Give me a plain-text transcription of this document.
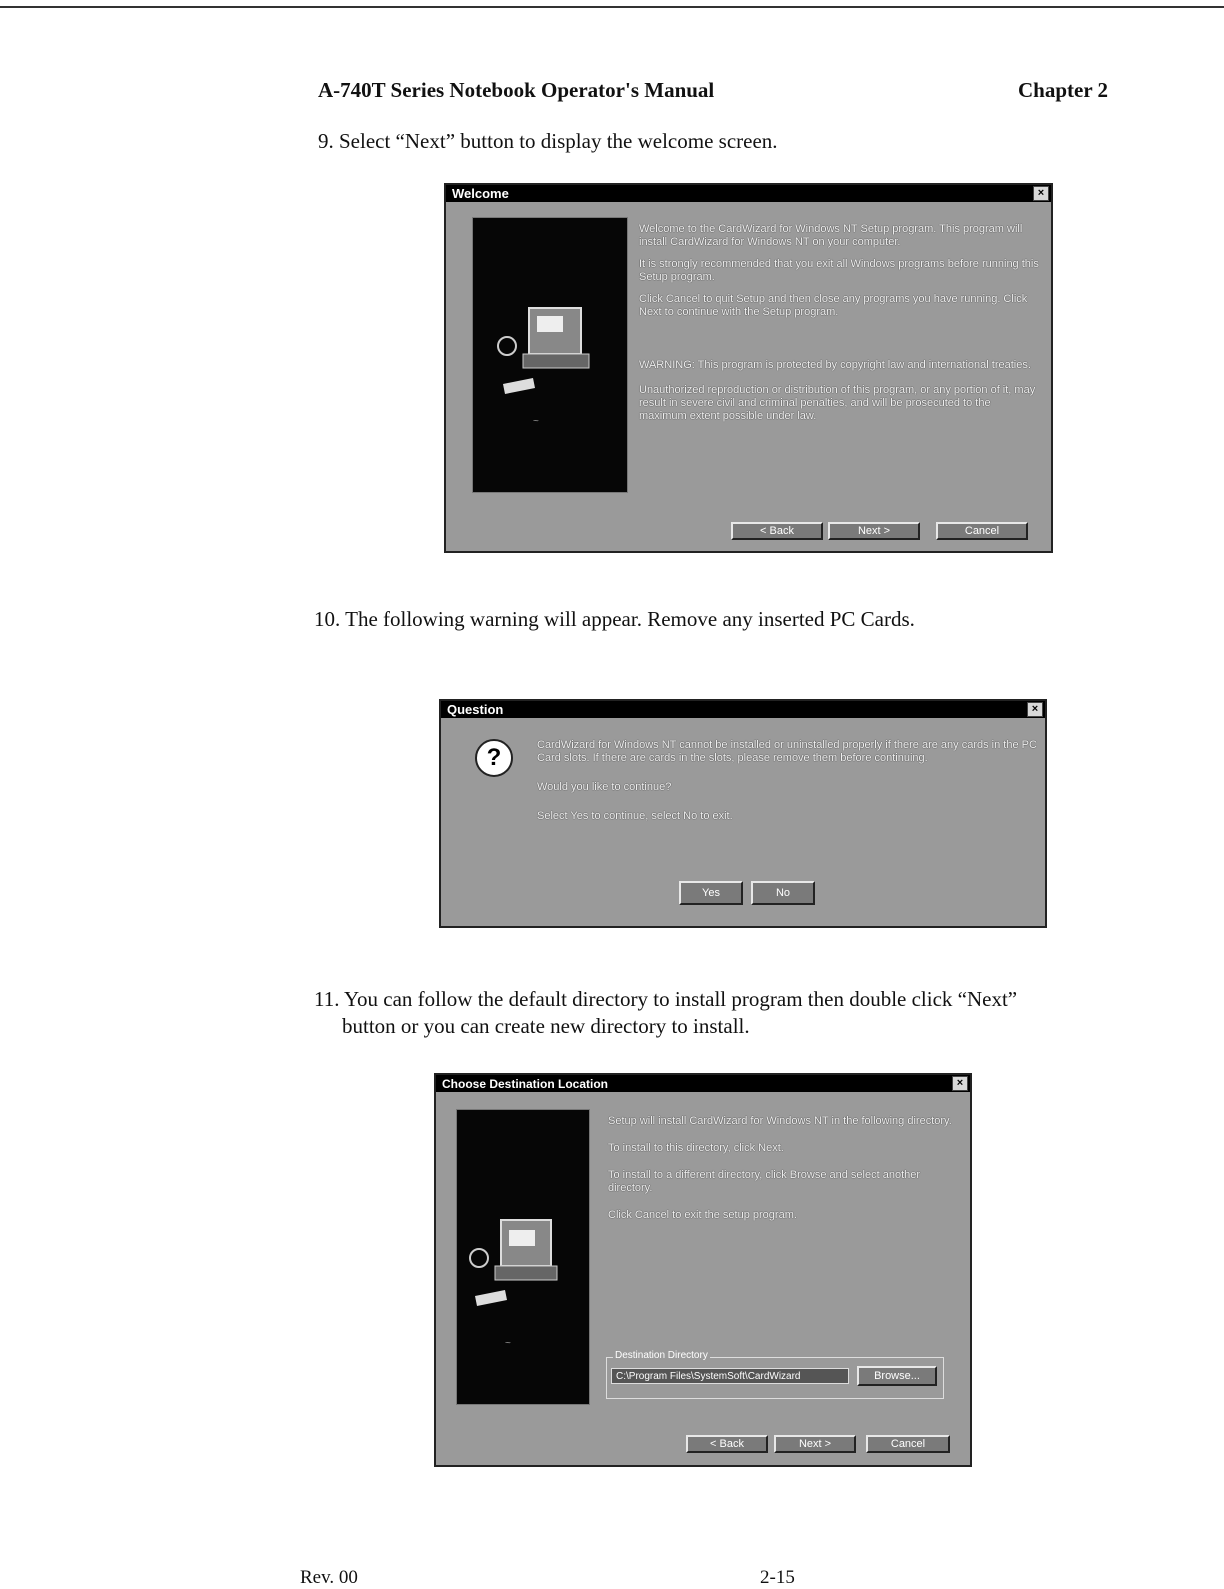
A-740T Series Notebook Operator's Manual	Chapter 2
9. Select “Next” button to display the welcome screen.
Welcome	×
~

Welcome to the CardWizard for Windows NT Setup program. This program will install CardWizard for Windows NT on your computer.

It is strongly recommended that you exit all Windows programs before running this Setup program.

Click Cancel to quit Setup and then close any programs you have running. Click Next to continue with the Setup program.

WARNING: This program is protected by copyright law and international treaties.

Unauthorized reproduction or distribution of this program, or any portion of it, may result in severe civil and criminal penalties, and will be prosecuted to the maximum extent possible under law.

< Back	Next >	Cancel
10. The following warning will appear. Remove any inserted PC Cards.
Question	×
?	CardWizard for Windows NT cannot be installed or uninstalled properly if there are any cards in the PC Card slots. If there are cards in the slots, please remove them before continuing.

Would you like to continue?

Select Yes to continue, select No to exit.

Yes	No
11. You can follow the default directory to install program then double click “Next”
button or you can create new directory to install.
Choose Destination Location	×
~

Setup will install CardWizard for Windows NT in the following directory.

To install to this directory, click Next.

To install to a different directory, click Browse and select another directory.

Click Cancel to exit the setup program.

Destination Directory
C:\Program Files\SystemSoft\CardWizard	Browse...
< Back	Next >	Cancel
Rev. 00	2-15
